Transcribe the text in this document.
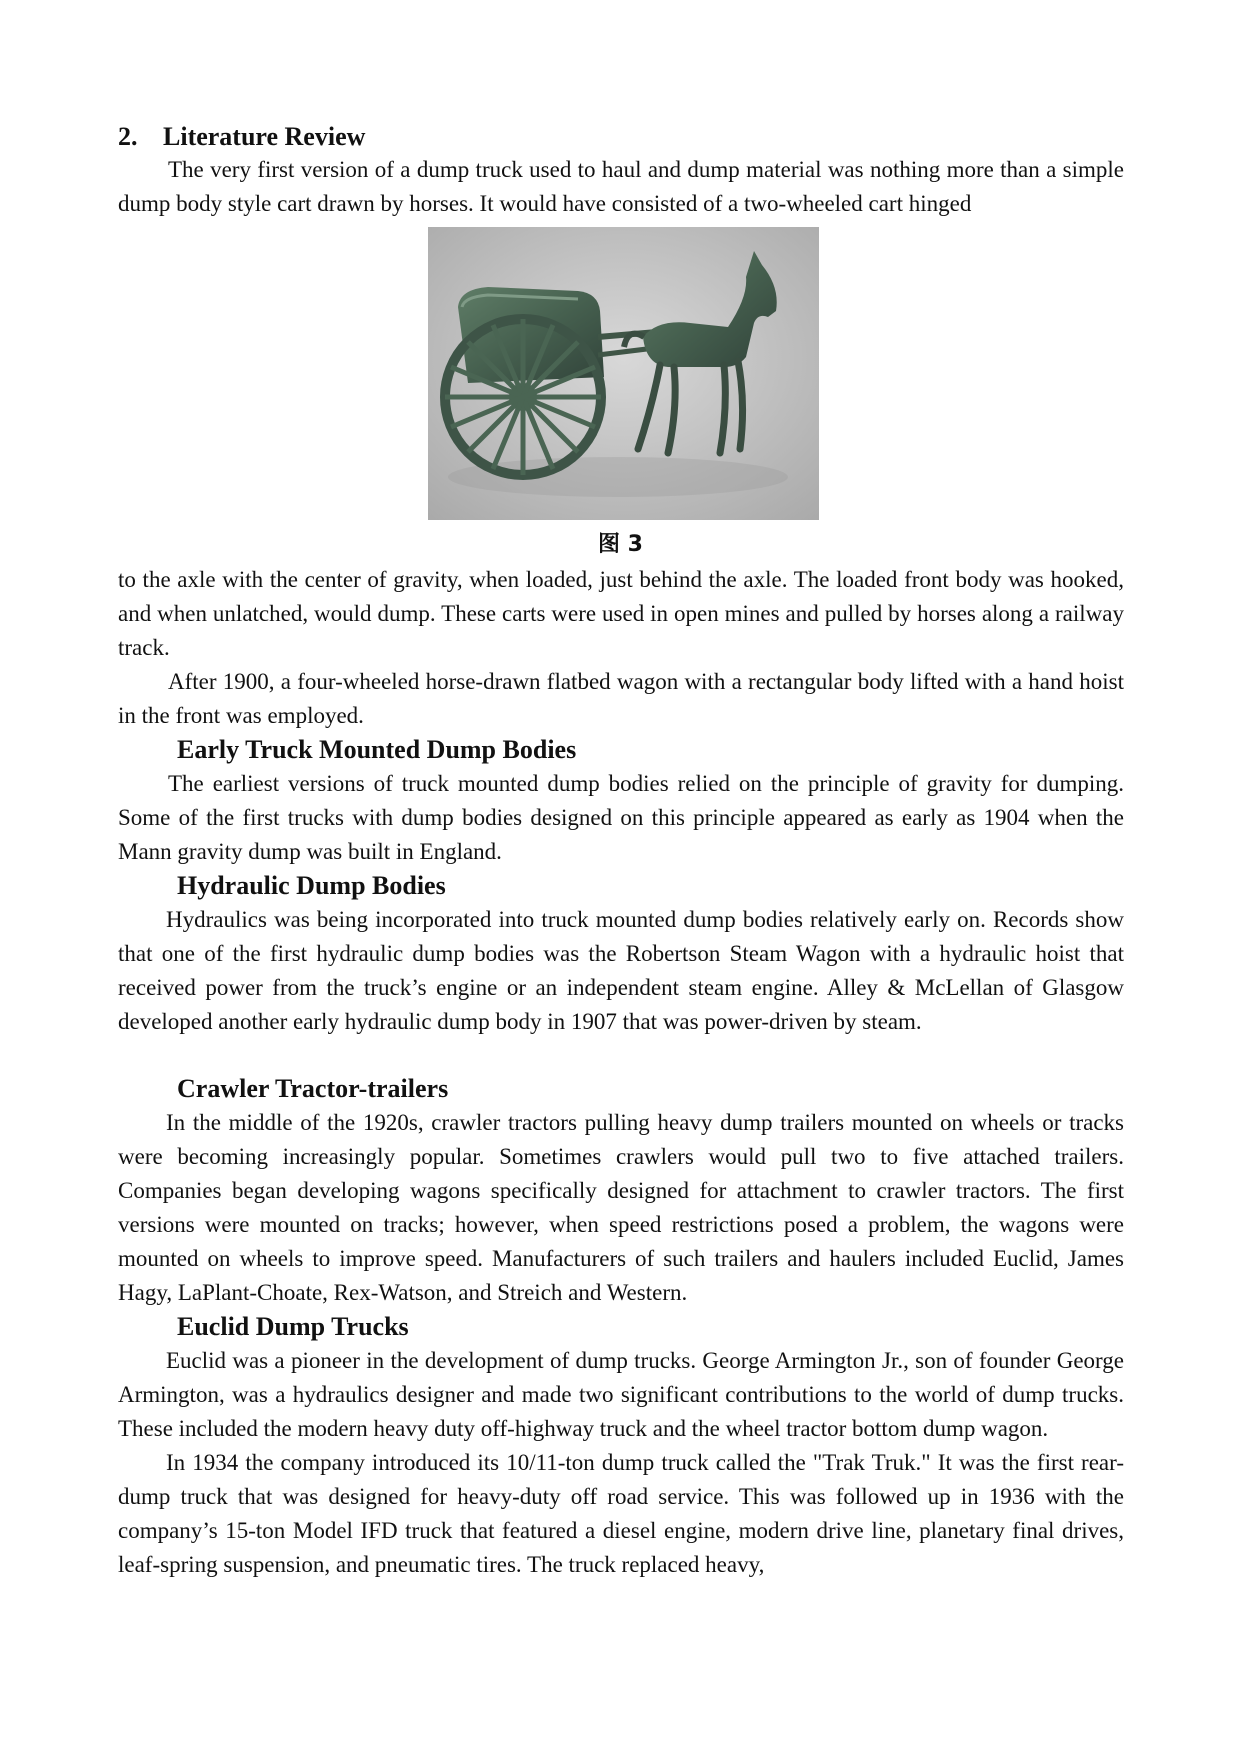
2. Literature Review

The very first version of a dump truck used to haul and dump material was nothing more than a simple dump body style cart drawn by horses. It would have consisted of a two-wheeled cart hinged

图 3

to the axle with the center of gravity, when loaded, just behind the axle. The loaded front body was hooked, and when unlatched, would dump. These carts were used in open mines and pulled by horses along a railway track.

After 1900, a four-wheeled horse-drawn flatbed wagon with a rectangular body lifted with a hand hoist in the front was employed.

Early Truck Mounted Dump Bodies

The earliest versions of truck mounted dump bodies relied on the principle of gravity for dumping. Some of the first trucks with dump bodies designed on this principle appeared as early as 1904 when the Mann gravity dump was built in England.

Hydraulic Dump Bodies

Hydraulics was being incorporated into truck mounted dump bodies relatively early on. Records show that one of the first hydraulic dump bodies was the Robertson Steam Wagon with a hydraulic hoist that received power from the truck’s engine or an independent steam engine. Alley & McLellan of Glasgow developed another early hydraulic dump body in 1907 that was power-driven by steam.

Crawler Tractor-trailers

In the middle of the 1920s, crawler tractors pulling heavy dump trailers mounted on wheels or tracks were becoming increasingly popular. Sometimes crawlers would pull two to five attached trailers. Companies began developing wagons specifically designed for attachment to crawler tractors. The first versions were mounted on tracks; however, when speed restrictions posed a problem, the wagons were mounted on wheels to improve speed. Manufacturers of such trailers and haulers included Euclid, James Hagy, LaPlant-Choate, Rex-Watson, and Streich and Western.

Euclid Dump Trucks

Euclid was a pioneer in the development of dump trucks. George Armington Jr., son of founder George Armington, was a hydraulics designer and made two significant contributions to the world of dump trucks. These included the modern heavy duty off-highway truck and the wheel tractor bottom dump wagon.

In 1934 the company introduced its 10/11-ton dump truck called the "Trak Truk." It was the first rear-dump truck that was designed for heavy-duty off road service. This was followed up in 1936 with the company’s 15-ton Model IFD truck that featured a diesel engine, modern drive line, planetary final drives, leaf-spring suspension, and pneumatic tires. The truck replaced heavy,
